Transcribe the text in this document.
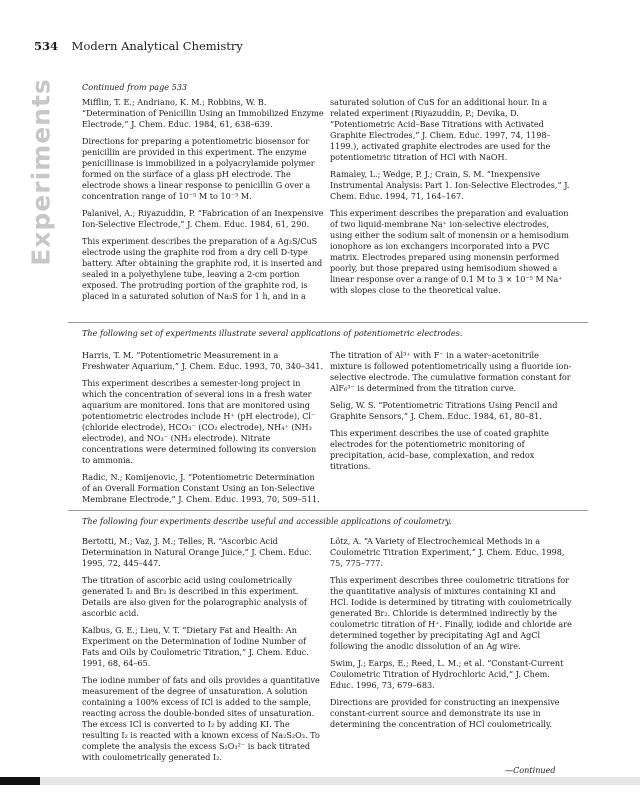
534 Modern Analytical Chemistry
Experiments	Continued from page 533

Mifflin, T. E.; Andriano, K. M.; Robbins, W. B. “Determination of Penicillin Using an Immobilized Enzyme Electrode,” J. Chem. Educ. 1984, 61, 638–639.

Directions for preparing a potentiometric biosensor for penicillin are provided in this experiment. The enzyme penicillinase is immobilized in a polyacrylamide polymer formed on the surface of a glass pH electrode. The electrode shows a linear response to penicillin G over a concentration range of 10⁻⁵ M to 10⁻³ M.

Palanivel, A.; Riyazuddin, P. “Fabrication of an Inexpensive Ion-Selective Electrode,” J. Chem. Educ. 1984, 61, 290.

This experiment describes the preparation of a Ag₂S/CuS electrode using the graphite rod from a dry cell D-type battery. After obtaining the graphite rod, it is inserted and sealed in a polyethylene tube, leaving a 2-cm portion exposed. The protruding portion of the graphite rod, is placed in a saturated solution of Na₂S for 1 h, and in a

saturated solution of CuS for an additional hour. In a related experiment (Riyazuddin, P.; Devika, D. “Potentiometric Acid–Base Titrations with Activated Graphite Electrodes,” J. Chem. Educ. 1997, 74, 1198–1199.), activated graphite electrodes are used for the potentiometric titration of HCl with NaOH.

Ramaley, L.; Wedge, P. J.; Crain, S. M. “Inexpensive Instrumental Analysis: Part 1. Ion-Selective Electrodes,” J. Chem. Educ. 1994, 71, 164–167.

This experiment describes the preparation and evaluation of two liquid-membrane Na⁺ ion-selective electrodes, using either the sodium salt of monensin or a hemisodium ionophore as ion exchangers incorporated into a PVC matrix. Electrodes prepared using monensin performed poorly, but those prepared using hemisodium showed a linear response over a range of 0.1 M to 3 × 10⁻⁵ M Na⁺ with slopes close to the theoretical value.

The following set of experiments illustrate several applications of potentiometric electrodes.

Harris, T. M. “Potentiometric Measurement in a Freshwater Aquarium,” J. Chem. Educ. 1993, 70, 340–341.

This experiment describes a semester-long project in which the concentration of several ions in a fresh water aquarium are monitored. Ions that are monitored using potentiometric electrodes include H⁺ (pH electrode), Cl⁻ (chloride electrode), HCO₃⁻ (CO₂ electrode), NH₄⁺ (NH₃ electrode), and NO₃⁻ (NH₃ electrode). Nitrate concentrations were determined following its conversion to ammonia.

Radic, N.; Komijenovic, J. “Potentiometric Determination of an Overall Formation Constant Using an Ion-Selective Membrane Electrode,” J. Chem. Educ. 1993, 70, 509–511.

The titration of Al³⁺ with F⁻ in a water–acetonitrile mixture is followed potentiometrically using a fluoride ion-selective electrode. The cumulative formation constant for AlF₆³⁻ is determined from the titration curve.

Selig, W. S. “Potentiometric Titrations Using Pencil and Graphite Sensors,” J. Chem. Educ. 1984, 61, 80–81.

This experiment describes the use of coated graphite electrodes for the potentiometric monitoring of precipitation, acid–base, complexation, and redox titrations.

The following four experiments describe useful and accessible applications of coulometry.

Bertotti, M.; Vaz, J. M.; Telles, R. “Ascorbic Acid Determination in Natural Orange Juice,” J. Chem. Educ. 1995, 72, 445–447.

The titration of ascorbic acid using coulometrically generated I₂ and Br₂ is described in this experiment. Details are also given for the polarographic analysis of ascorbic acid.

Kalbus, G. E.; Lieu, V. T. “Dietary Fat and Health: An Experiment on the Determination of Iodine Number of Fats and Oils by Coulometric Titration,” J. Chem. Educ. 1991, 68, 64–65.

The iodine number of fats and oils provides a quantitative measurement of the degree of unsaturation. A solution containing a 100% excess of ICl is added to the sample, reacting across the double-bonded sites of unsaturation. The excess ICl is converted to I₂ by adding KI. The resulting I₂ is reacted with a known excess of Na₂S₂O₃. To complete the analysis the excess S₂O₃²⁻ is back titrated with coulometrically generated I₂.

Lötz, A. “A Variety of Electrochemical Methods in a Coulometric Titration Experiment,” J. Chem. Educ. 1998, 75, 775–777.

This experiment describes three coulometric titrations for the quantitative analysis of mixtures containing KI and HCl. Iodide is determined by titrating with coulometrically generated Br₂. Chloride is determined indirectly by the coulometric titration of H⁺. Finally, iodide and chloride are determined together by precipitating AgI and AgCl following the anodic dissolution of an Ag wire.

Swim, J.; Earps, E.; Reed, L. M.; et al. “Constant-Current Coulometric Titration of Hydrochloric Acid,” J. Chem. Educ. 1996, 73, 679–683.

Directions are provided for constructing an inexpensive constant-current source and demonstrate its use in determining the concentration of HCl coulometrically.

—Continued
